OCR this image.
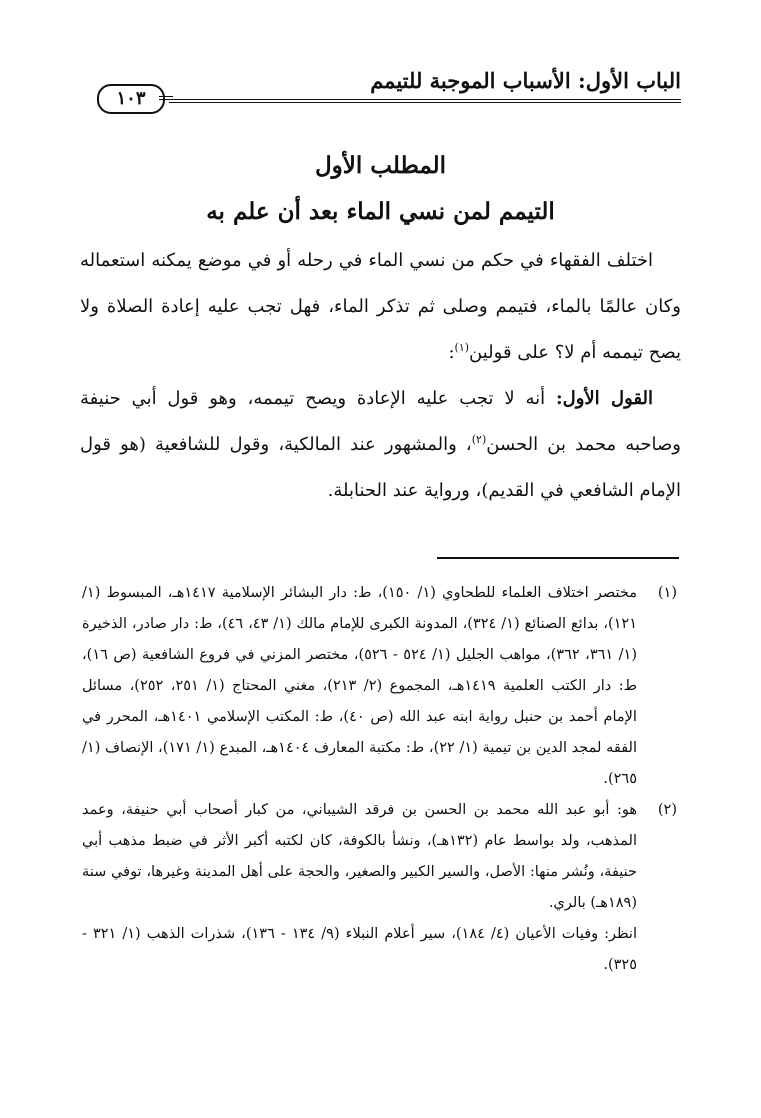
الباب الأول: الأسباب الموجبة للتيمم
١٠٣
المطلب الأول
التيمم لمن نسي الماء بعد أن علم به

اختلف الفقهاء في حكم من نسي الماء في رحله أو في موضع يمكنه استعماله وكان عالمًا بالماء، فتيمم وصلى ثم تذكر الماء، فهل تجب عليه إعادة الصلاة ولا يصح تيممه أم لا؟ على قولين$^{(١)}$:

القول الأول: أنه لا تجب عليه الإعادة ويصح تيممه، وهو قول أبي حنيفة وصاحبه محمد بن الحسن$^{(٢)}$، والمشهور عند المالكية، وقول للشافعية (هو قول الإمام الشافعي في القديم)، ورواية عند الحنابلة.

(١)
مختصر اختلاف العلماء للطحاوي (١/ ١٥٠)، ط: دار البشائر الإسلامية ١٤١٧هـ، المبسوط (١/ ١٢١)، بدائع الصنائع (١/ ٣٢٤)، المدونة الكبرى للإمام مالك (١/ ٤٣، ٤٦)، ط: دار صادر، الذخيرة (١/ ٣٦١، ٣٦٢)، مواهب الجليل (١/ ٥٢٤ - ٥٢٦)، مختصر المزني في فروع الشافعية (ص ١٦)، ط: دار الكتب العلمية ١٤١٩هـ، المجموع (٢/ ٢١٣)، مغني المحتاج (١/ ٢٥١، ٢٥٢)، مسائل الإمام أحمد بن حنبل رواية ابنه عبد الله (ص ٤٠)، ط: المكتب الإسلامي ١٤٠١هـ، المحرر في الفقه لمجد الدين بن تيمية (١/ ٢٢)، ط: مكتبة المعارف ١٤٠٤هـ، المبدع (١/ ١٧١)، الإنصاف (١/ ٢٦٥).
(٢)
هو: أبو عبد الله محمد بن الحسن بن فرقد الشيباني، من كبار أصحاب أبي حنيفة، وعمد المذهب، ولد بواسط عام (١٣٢هـ)، ونشأ بالكوفة، كان لكتبه أكبر الأثر في ضبط مذهب أبي حنيفة، ونُشر منها: الأصل، والسير الكبير والصغير، والحجة على أهل المدينة وغيرها، توفي سنة (١٨٩هـ) بالري.
انظر: وفيات الأعيان (٤/ ١٨٤)، سير أعلام النبلاء (٩/ ١٣٤ - ١٣٦)، شذرات الذهب (١/ ٣٢١ - ٣٢٥).
